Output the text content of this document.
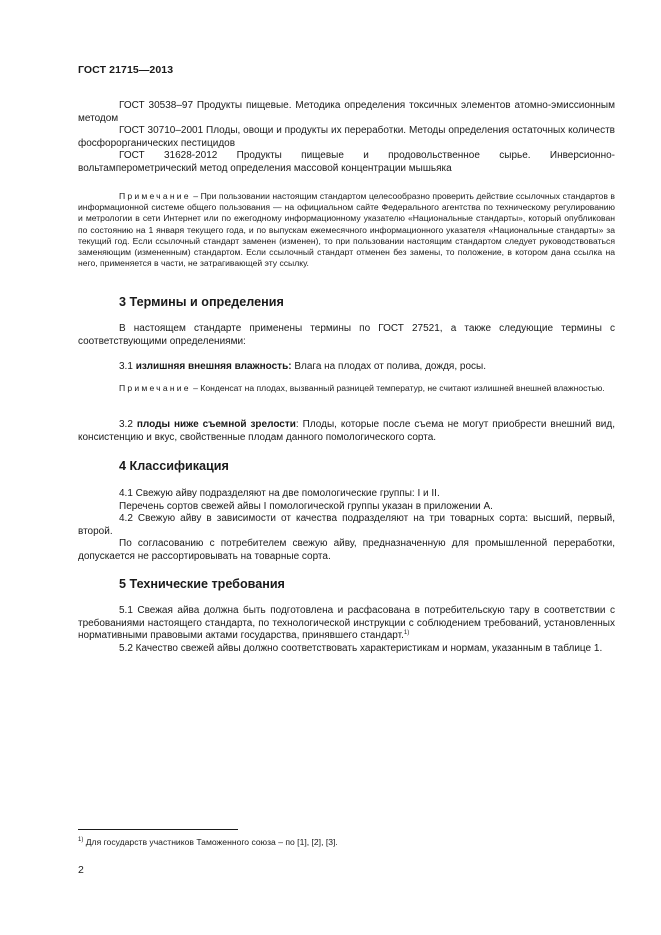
ГОСТ 21715—2013

ГОСТ 30538–97 Продукты пищевые. Методика определения токсичных элементов атомно-эмиссионным методом

ГОСТ 30710–2001 Плоды, овощи и продукты их переработки. Методы определения остаточных количеств фосфорорганических пестицидов

ГОСТ 31628-2012 Продукты пищевые и продовольственное сырье. Инверсионно-вольтамперометрический метод определения массовой концентрации мышьяка

Примечание – При пользовании настоящим стандартом целесообразно проверить действие ссылочных стандартов в информационной системе общего пользования — на официальном сайте Федерального агентства по техническому регулированию и метрологии в сети Интернет или по ежегодному информационному указателю «Национальные стандарты», который опубликован по состоянию на 1 января текущего года, и по выпускам ежемесячного информационного указателя «Национальные стандарты» за текущий год. Если ссылочный стандарт заменен (изменен), то при пользовании настоящим стандартом следует руководствоваться заменяющим (измененным) стандартом. Если ссылочный стандарт отменен без замены, то положение, в котором дана ссылка на него, применяется в части, не затрагивающей эту ссылку.

3 Термины и определения

В настоящем стандарте применены термины по ГОСТ 27521, а также следующие термины с соответствующими определениями:

3.1 излишняя внешняя влажность: Влага на плодах от полива, дождя, росы.

Примечание – Конденсат на плодах, вызванный разницей температур, не считают излишней внешней влажностью.

3.2 плоды ниже съемной зрелости: Плоды, которые после съема не могут приобрести внешний вид, консистенцию и вкус, свойственные плодам данного помологического сорта.

4 Классификация

4.1 Свежую айву подразделяют на две помологические группы: I и II.

Перечень сортов свежей айвы I помологической группы указан в приложении А.

4.2 Свежую айву в зависимости от качества подразделяют на три товарных сорта: высший, первый, второй.

По согласованию с потребителем свежую айву, предназначенную для промышленной переработки, допускается не рассортировывать на товарные сорта.

5 Технические требования

5.1 Свежая айва должна быть подготовлена и расфасована в потребительскую тару в соответствии с требованиями настоящего стандарта, по технологической инструкции с соблюдением требований, установленных нормативными правовыми актами государства, принявшего стандарт.$^{1)}$

5.2 Качество свежей айвы должно соответствовать характеристикам и нормам, указанным в таблице 1.

$^{1)}$ Для государств участников Таможенного союза – по [1], [2], [3].
2
